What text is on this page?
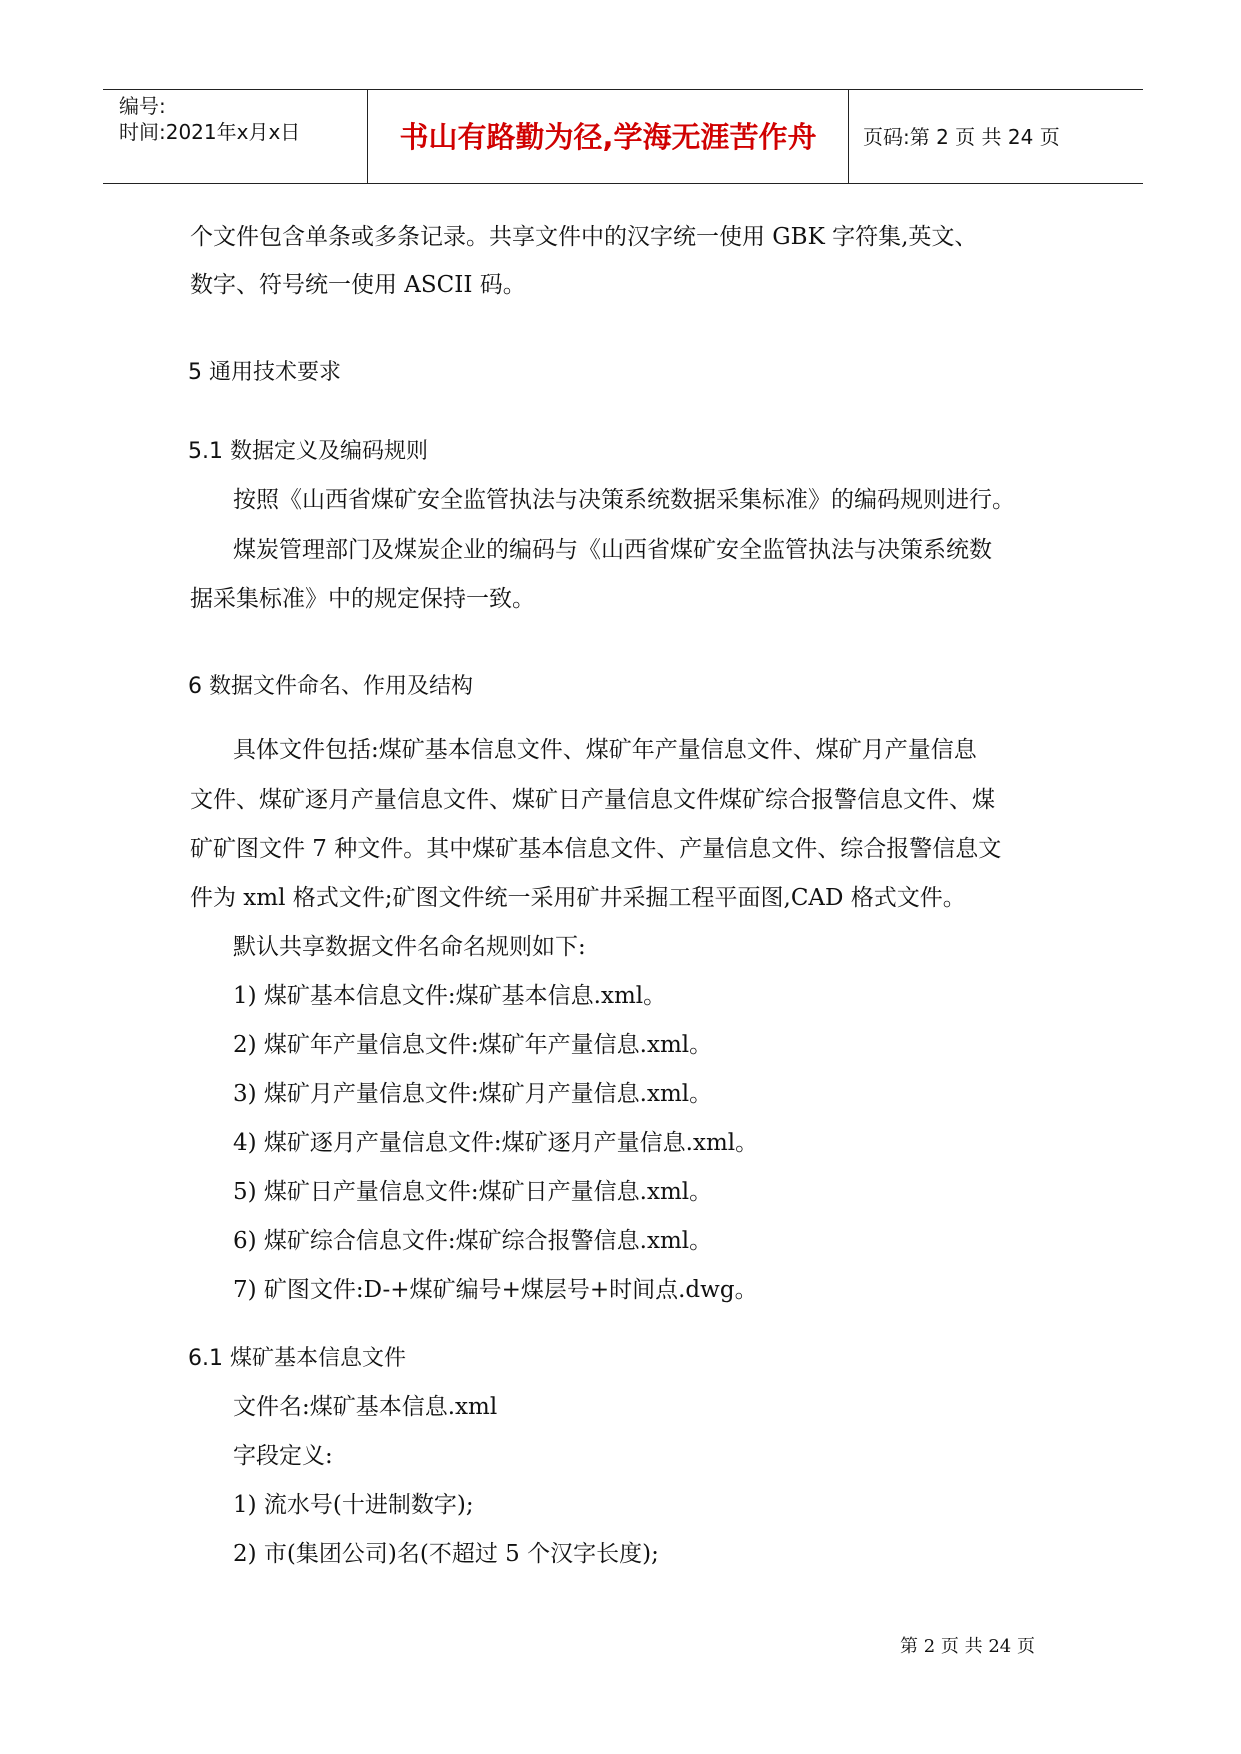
编号:
时间:2021年x月x日	书山有路勤为径,学海无涯苦作舟	页码:第 2 页 共 24 页
个文件包含单条或多条记录。共享文件中的汉字统一使用 GBK 字符集,英文、
数字、符号统一使用 ASCII 码。
5 通用技术要求
5.1 数据定义及编码规则
按照《山西省煤矿安全监管执法与决策系统数据采集标准》的编码规则进行。
煤炭管理部门及煤炭企业的编码与《山西省煤矿安全监管执法与决策系统数
据采集标准》中的规定保持一致。
6 数据文件命名、作用及结构
具体文件包括:煤矿基本信息文件、煤矿年产量信息文件、煤矿月产量信息
文件、煤矿逐月产量信息文件、煤矿日产量信息文件煤矿综合报警信息文件、煤
矿矿图文件 7 种文件。其中煤矿基本信息文件、产量信息文件、综合报警信息文
件为 xml 格式文件;矿图文件统一采用矿井采掘工程平面图,CAD 格式文件。
默认共享数据文件名命名规则如下:
1) 煤矿基本信息文件:煤矿基本信息.xml。
2) 煤矿年产量信息文件:煤矿年产量信息.xml。
3) 煤矿月产量信息文件:煤矿月产量信息.xml。
4) 煤矿逐月产量信息文件:煤矿逐月产量信息.xml。
5) 煤矿日产量信息文件:煤矿日产量信息.xml。
6) 煤矿综合信息文件:煤矿综合报警信息.xml。
7) 矿图文件:D-+煤矿编号+煤层号+时间点.dwg。
6.1 煤矿基本信息文件
文件名:煤矿基本信息.xml
字段定义:
1) 流水号(十进制数字);
2) 市(集团公司)名(不超过 5 个汉字长度);
第 2 页 共 24 页
